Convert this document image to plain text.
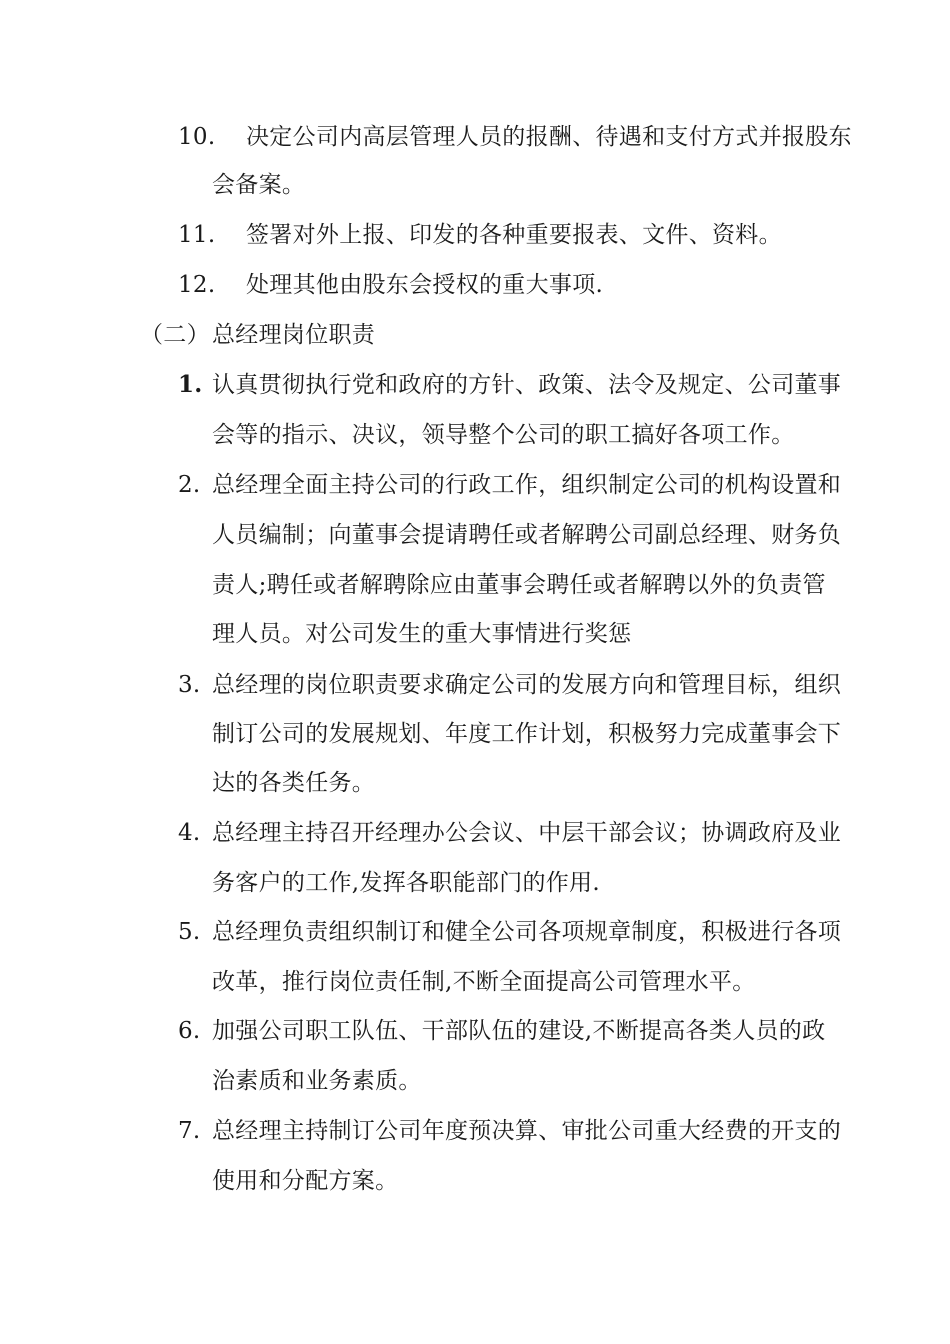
10. 决定公司内高层管理人员的报酬、待遇和支付方式并报股东
会备案。
11. 签署对外上报、印发的各种重要报表、文件、资料。
12. 处理其他由股东会授权的重大事项.
（二） 总经理岗位职责
1. 认真贯彻执行党和政府的方针、政策、法令及规定、公司董事
会等的指示、决议，领导整个公司的职工搞好各项工作。
2. 总经理全面主持公司的行政工作，组织制定公司的机构设置和
人员编制；向董事会提请聘任或者解聘公司副总经理、财务负
责人;聘任或者解聘除应由董事会聘任或者解聘以外的负责管
理人员。对公司发生的重大事情进行奖惩
3. 总经理的岗位职责要求确定公司的发展方向和管理目标，组织
制订公司的发展规划、年度工作计划，积极努力完成董事会下
达的各类任务。
4. 总经理主持召开经理办公会议、中层干部会议；协调政府及业
务客户的工作,发挥各职能部门的作用.
5. 总经理负责组织制订和健全公司各项规章制度，积极进行各项
改革，推行岗位责任制,不断全面提高公司管理水平。
6. 加强公司职工队伍、干部队伍的建设,不断提高各类人员的政
治素质和业务素质。
7. 总经理主持制订公司年度预决算、审批公司重大经费的开支的
使用和分配方案。
